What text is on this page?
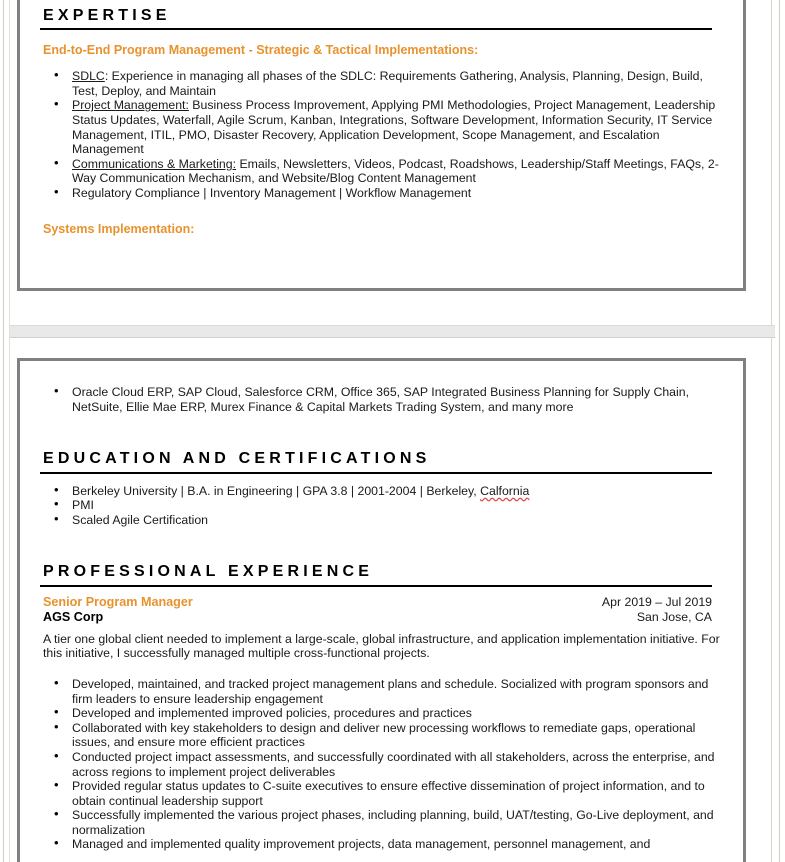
EXPERTISE
End-to-End Program Management - Strategic & Tactical Implementations:
• SDLC: Experience in managing all phases of the SDLC: Requirements Gathering, Analysis, Planning, Design, Build, Test, Deploy, and Maintain
• Project Management: Business Process Improvement, Applying PMI Methodologies, Project Management, Leadership Status Updates, Waterfall, Agile Scrum, Kanban, Integrations, Software Development, Information Security, IT Service Management, ITIL, PMO, Disaster Recovery, Application Development, Scope Management, and Escalation Management
• Communications & Marketing: Emails, Newsletters, Videos, Podcast, Roadshows, Leadership/Staff Meetings, FAQs, 2-Way Communication Mechanism, and Website/Blog Content Management
• Regulatory Compliance | Inventory Management | Workflow Management
Systems Implementation:
• Oracle Cloud ERP, SAP Cloud, Salesforce CRM, Office 365, SAP Integrated Business Planning for Supply Chain, NetSuite, Ellie Mae ERP, Murex Finance & Capital Markets Trading System, and many more
EDUCATION AND CERTIFICATIONS
• Berkeley University | B.A. in Engineering | GPA 3.8 | 2001-2004 | Berkeley, Calfornia
• PMI
• Scaled Agile Certification
PROFESSIONAL EXPERIENCE
Senior Program Manager
AGS Corp
Apr 2019 – Jul 2019
San Jose, CA
A tier one global client needed to implement a large-scale, global infrastructure, and application implementation initiative. For this initiative, I successfully managed multiple cross-functional projects.
• Developed, maintained, and tracked project management plans and schedule. Socialized with program sponsors and firm leaders to ensure leadership engagement
• Developed and implemented improved policies, procedures and practices
• Collaborated with key stakeholders to design and deliver new processing workflows to remediate gaps, operational issues, and ensure more efficient practices
• Conducted project impact assessments, and successfully coordinated with all stakeholders, across the enterprise, and across regions to implement project deliverables
• Provided regular status updates to C-suite executives to ensure effective dissemination of project information, and to obtain continual leadership support
• Successfully implemented the various project phases, including planning, build, UAT/testing, Go-Live deployment, and normalization
• Managed and implemented quality improvement projects, data management, personnel management, and
